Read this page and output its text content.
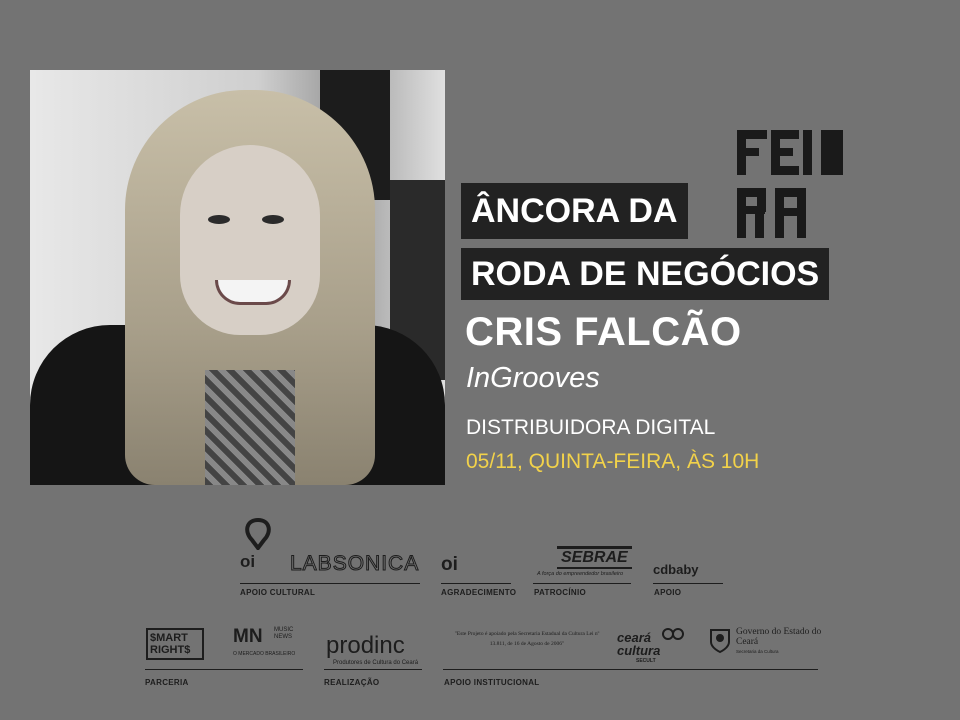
ÂNCORA DA
RODA DE NEGÓCIOS
CRIS FALCÃO
InGrooves
DISTRIBUIDORA DIGITAL
05/11, QUINTA-FEIRA, ÀS 10H
oi LABSONICA
APOIO CULTURAL
oi
AGRADECIMENTO
SEBRAE
A força do empreendedor brasileiro
PATROCÍNIO
cdbaby
APOIO
$MART RIGHT$
MN MUSIC NEWS
O MERCADO BRASILEIRO
PARCERIA
prodinc
Produtores de Cultura do Ceará
REALIZAÇÃO
"Este Projeto é apoiado pela Secretaria Estadual da Cultura Lei nº 13.811, de 16 de Agosto de 2006"	ceará cultura
SECULT
Governo do Estado do Ceará
Secretaria da Cultura
APOIO INSTITUCIONAL
